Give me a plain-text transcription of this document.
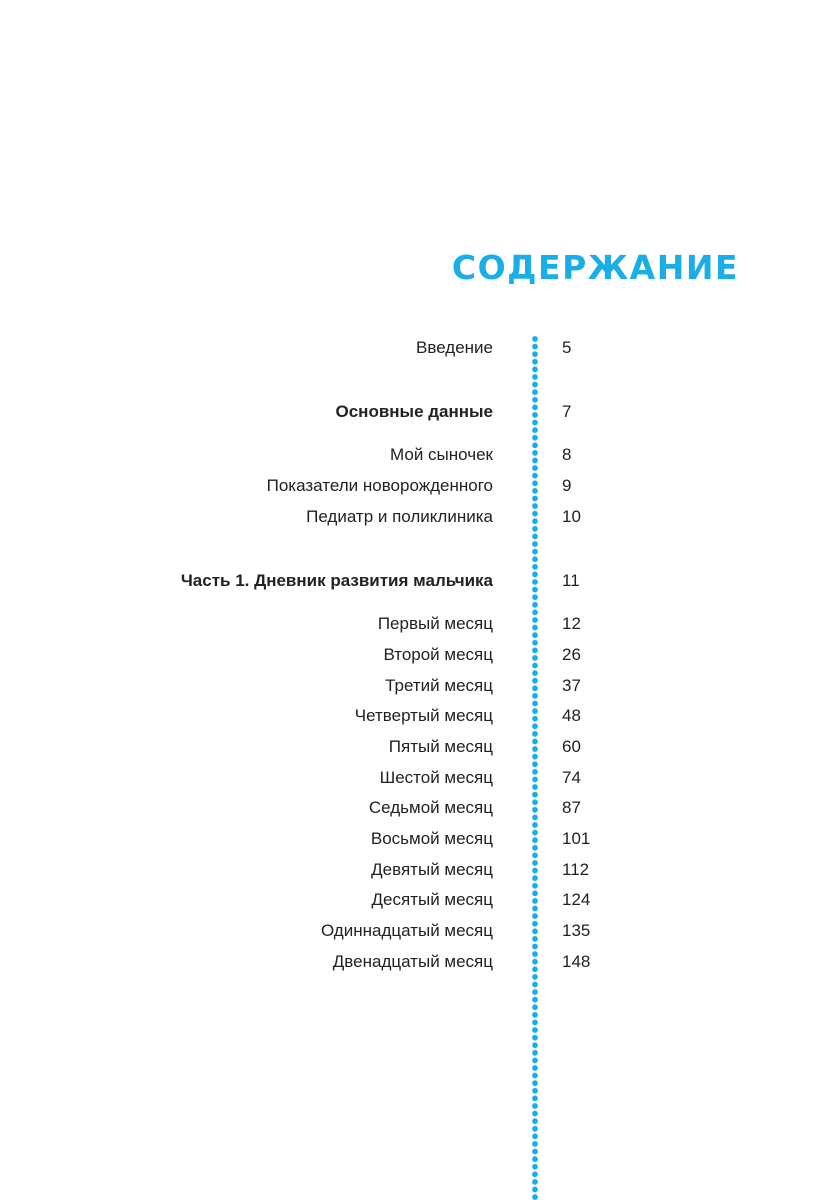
СОДЕРЖАНИЕ
Введение	5
Основные данные	7
Мой сыночек	8
Показатели новорожденного	9
Педиатр и поликлиника	10
Часть 1. Дневник развития мальчика	11
Первый месяц	12
Второй месяц	26
Третий месяц	37
Четвертый месяц	48
Пятый месяц	60
Шестой месяц	74
Седьмой месяц	87
Восьмой месяц	101
Девятый месяц	112
Десятый месяц	124
Одиннадцатый месяц	135
Двенадцатый месяц	148
